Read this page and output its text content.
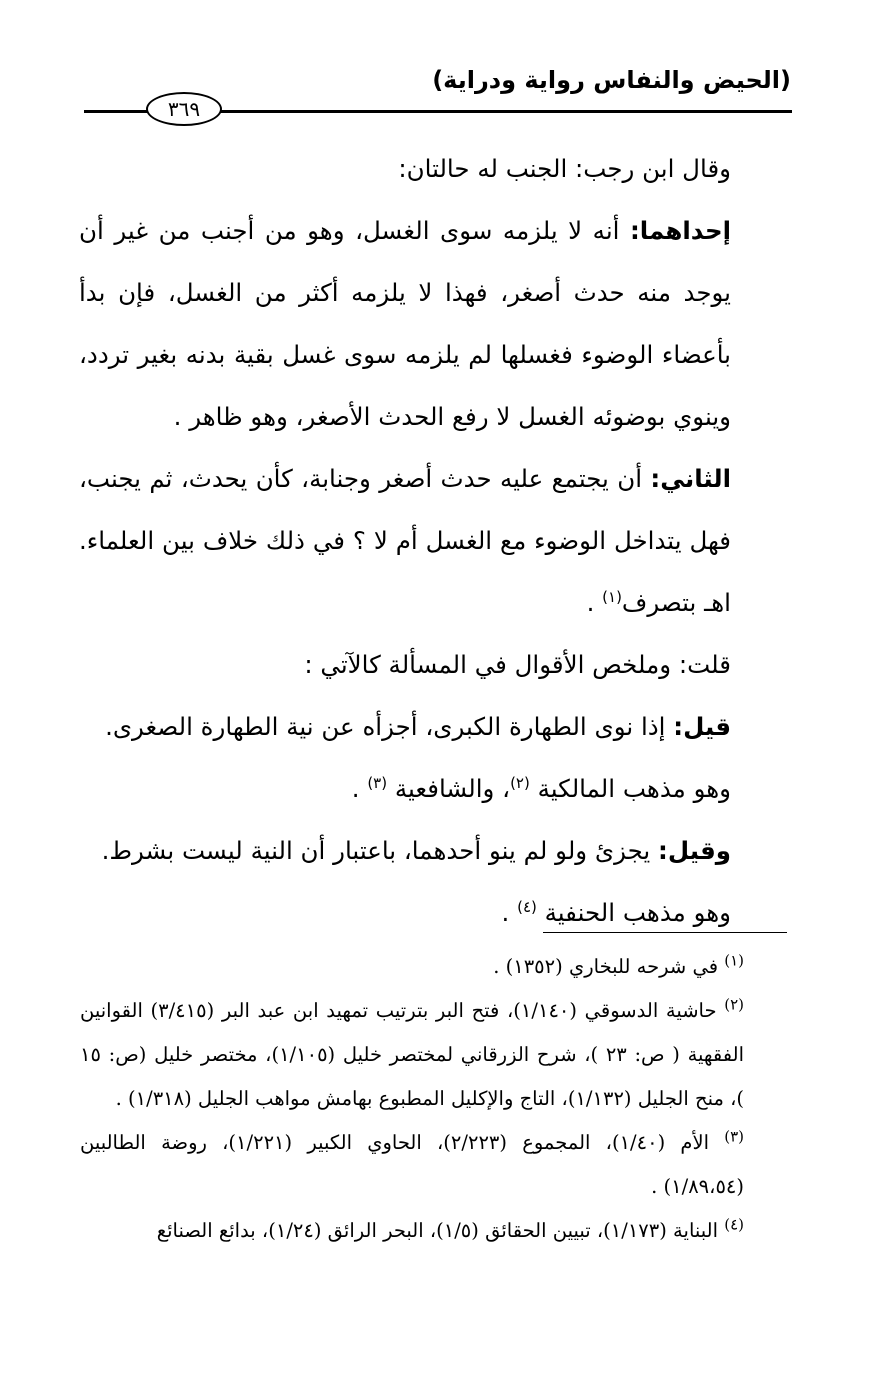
(الحيض والنفاس رواية ودراية)
٣٦٩

وقال ابن رجب: الجنب له حالتان:

إحداهما: أنه لا يلزمه سوى الغسل، وهو من أجنب من غير أن يوجد منه حدث أصغر، فهذا لا يلزمه أكثر من الغسل، فإن بدأ بأعضاء الوضوء فغسلها لم يلزمه سوى غسل بقية بدنه بغير تردد، وينوي بوضوئه الغسل لا رفع الحدث الأصغر، وهو ظاهر .

الثاني: أن يجتمع عليه حدث أصغر وجنابة، كأن يحدث، ثم يجنب، فهل يتداخل الوضوء مع الغسل أم لا ؟ في ذلك خلاف بين العلماء. اهـ بتصرف$^{(١)}$ .

قلت: وملخص الأقوال في المسألة كالآتي :

قيل: إذا نوى الطهارة الكبرى، أجزأه عن نية الطهارة الصغرى.

وهو مذهب المالكية $^{(٢)}$، والشافعية $^{(٣)}$ .

وقيل: يجزئ ولو لم ينو أحدهما، باعتبار أن النية ليست بشرط.

وهو مذهب الحنفية $^{(٤)}$ .

$^{(١)}$ في شرحه للبخاري (١٣٥٢) .

$^{(٢)}$ حاشية الدسوقي (١/١٤٠)، فتح البر بترتيب تمهيد ابن عبد البر (٣/٤١٥) القوانين الفقهية ( ص: ٢٣ )، شرح الزرقاني لمختصر خليل (١/١٠٥)، مختصر خليل (ص: ١٥ )، منح الجليل (١/١٣٢)، التاج والإكليل المطبوع بهامش مواهب الجليل (١/٣١٨) .

$^{(٣)}$ الأم (١/٤٠)، المجموع (٢/٢٢٣)، الحاوي الكبير (١/٢٢١)، روضة الطالبين (١/٨٩،٥٤) .

$^{(٤)}$ البناية (١/١٧٣)، تبيين الحقائق (١/٥)، البحر الرائق (١/٢٤)، بدائع الصنائع
